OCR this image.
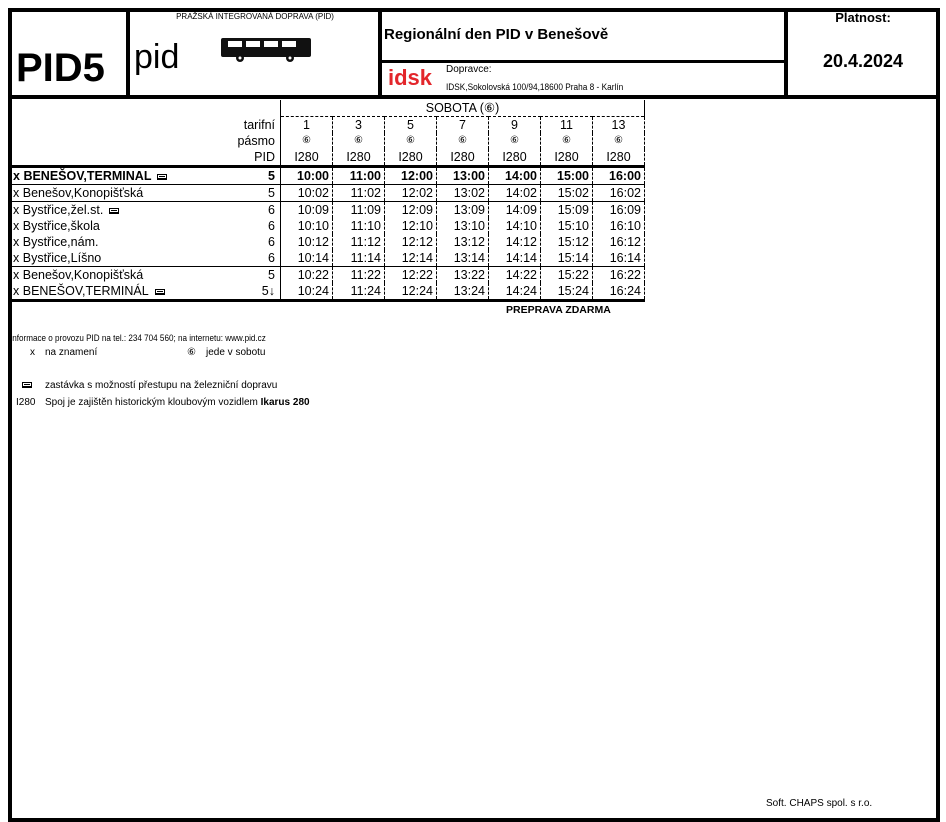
PID5 pid
PRAŽSKÁ INTEGROVANÁ DOPRAVA (PID)
Regionální den PID v Benešově
idsk Dopravce:
IDSK,Sokolovská 100/94,18600 Praha 8 - Karlín
Platnost:
20.4.2024
		SOBOTA (⑥)						
	tarifní	1	3	5	7	9	11	13
	pásmo	⑥	⑥	⑥	⑥	⑥	⑥	⑥
	PID	I280	I280	I280	I280	I280	I280	I280
x BENEŠOV,TERMINAL	5	10:00	11:00	12:00	13:00	14:00	15:00	16:00
x Benešov,Konopišťská	5	10:02	11:02	12:02	13:02	14:02	15:02	16:02
x Bystřice,žel.st.	6	10:09	11:09	12:09	13:09	14:09	15:09	16:09
x Bystřice,škola	6	10:10	11:10	12:10	13:10	14:10	15:10	16:10
x Bystřice,nám.	6	10:12	11:12	12:12	13:12	14:12	15:12	16:12
x Bystřice,Líšno	6	10:14	11:14	12:14	13:14	14:14	15:14	16:14
x Benešov,Konopišťská	5	10:22	11:22	12:22	13:22	14:22	15:22	16:22
x BENEŠOV,TERMINÁL	5↓	10:24	11:24	12:24	13:24	14:24	15:24	16:24
PREPRAVA ZDARMA
Informace o provozu PID na tel.: 234 704 560; na internetu: www.pid.cz
x na znamení	⑥ jede v sobotu
zastávka s možností přestupu na železniční dopravu
I280 Spoj je zajištěn historickým kloubovým vozidlem Ikarus 280
Soft. CHAPS spol. s r.o.
